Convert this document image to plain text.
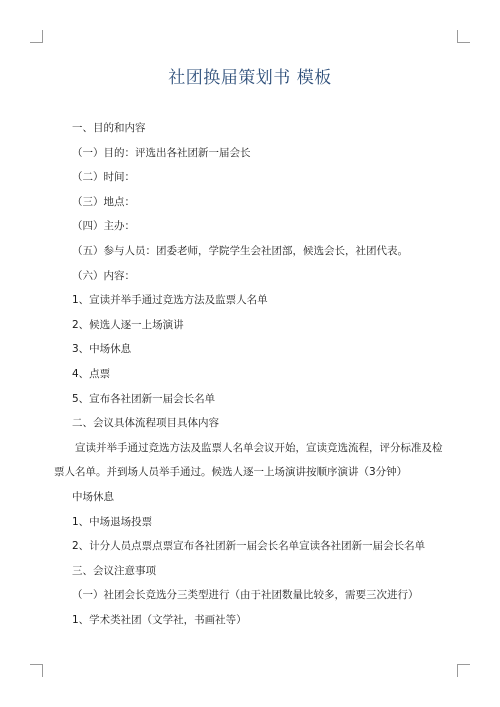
社团换届策划书 模板

一、目的和内容

（一）目的：评选出各社团新一届会长

（二）时间：

（三）地点：

（四）主办：

（五）参与人员：团委老师，学院学生会社团部，候选会长，社团代表。

（六）内容：

1、宣读并举手通过竞选方法及监票人名单

2、候选人逐一上场演讲

3、中场休息

4、点票

5、宣布各社团新一届会长名单

二、会议具体流程项目具体内容

宣读并举手通过竞选方法及监票人名单会议开始，宣读竞选流程，评分标准及检

票人名单。并到场人员举手通过。候选人逐一上场演讲按顺序演讲（3分钟）

中场休息

1、中场退场投票

2、计分人员点票点票宣布各社团新一届会长名单宣读各社团新一届会长名单

三、会议注意事项

（一）社团会长竞选分三类型进行（由于社团数量比较多，需要三次进行）

1、学术类社团（文学社，书画社等）
